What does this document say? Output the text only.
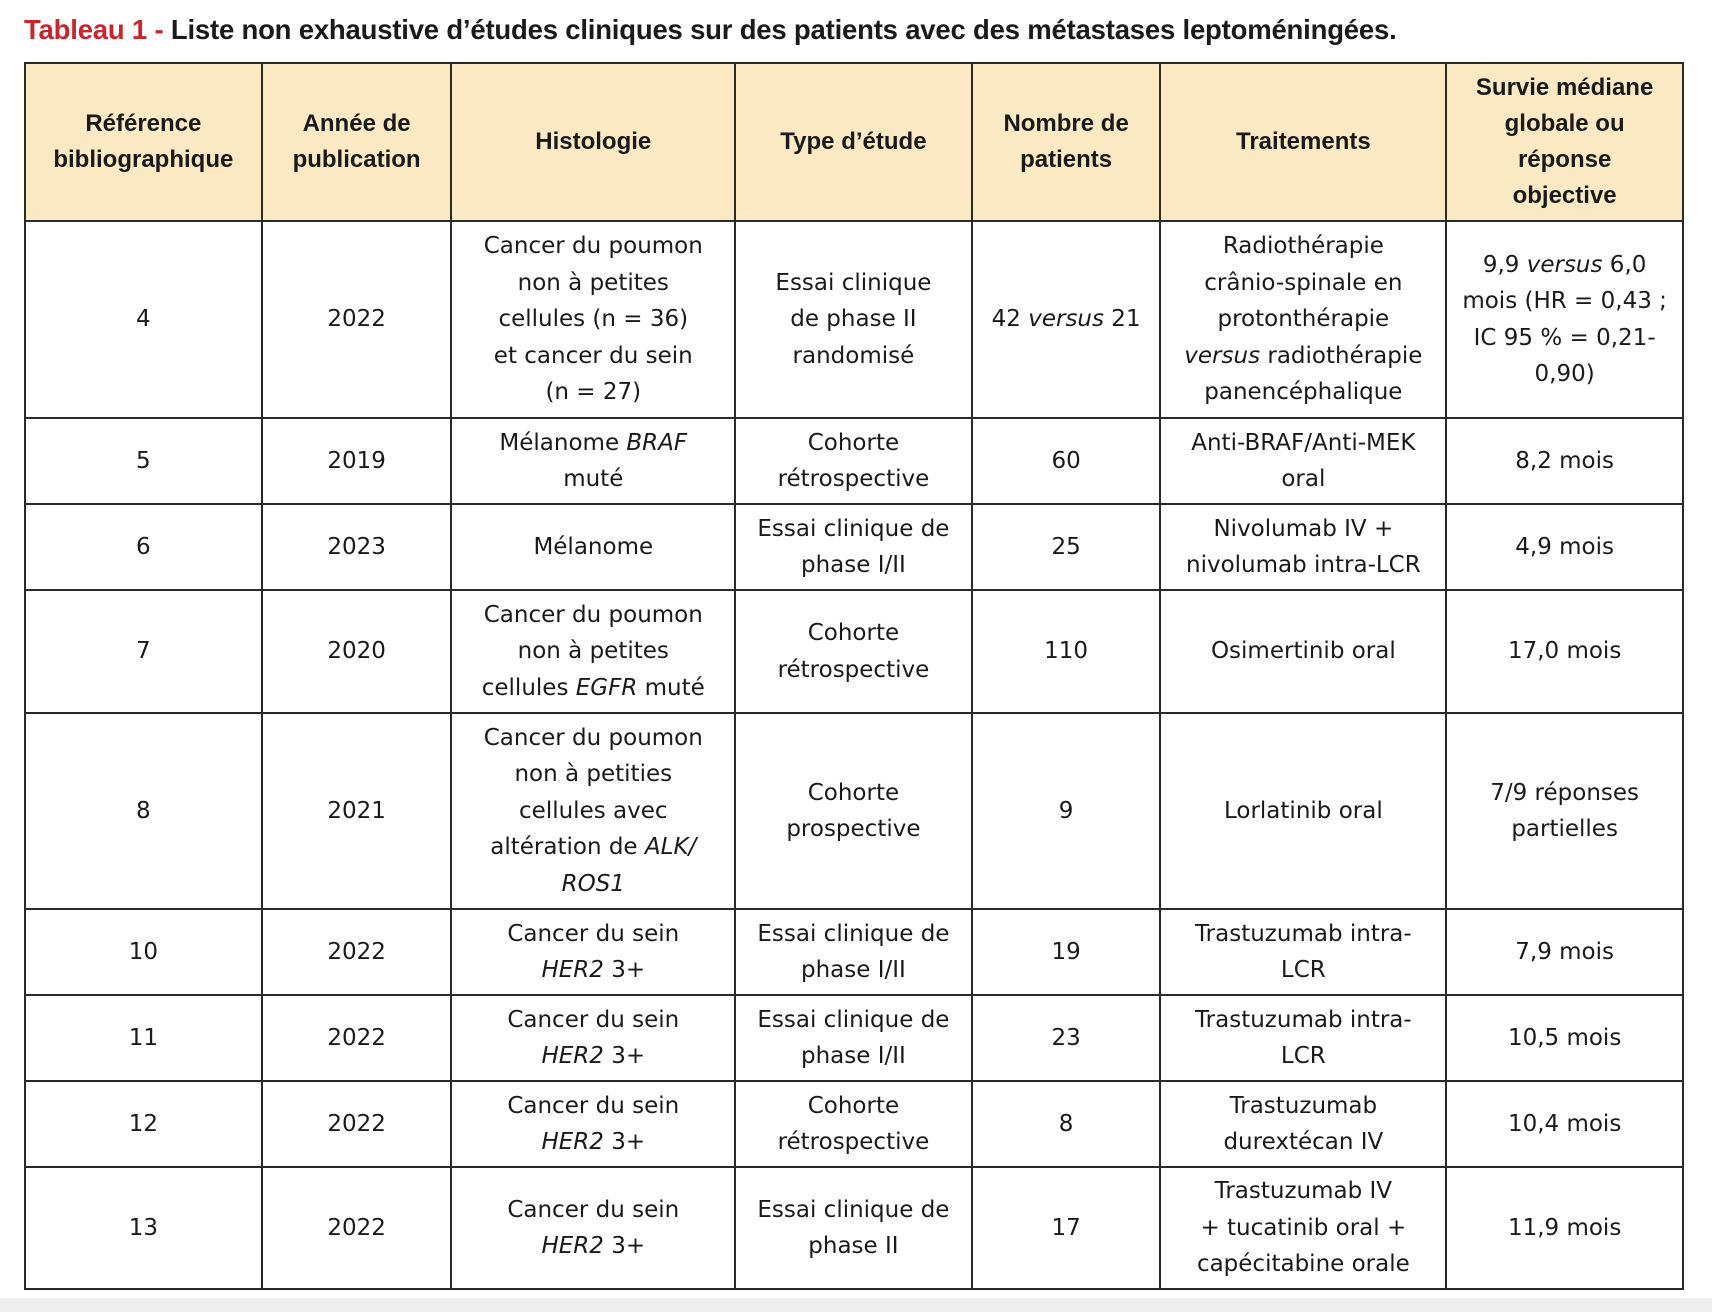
Tableau 1 - Liste non exhaustive d’études cliniques sur des patients avec des métastases leptoméningées.
Référence
bibliographique	Année de
publication	Histologie	Type d’étude	Nombre de
patients	Traitements	Survie médiane
globale ou
réponse
objective

4	2022	Cancer du poumon
non à petites
cellules (n = 36)
et cancer du sein
(n = 27)	Essai clinique
de phase II
randomisé	42 versus 21	Radiothérapie
crânio-spinale en
protonthérapie
versus radiothérapie
panencéphalique	9,9 versus 6,0
mois (HR = 0,43 ;
IC 95 % = 0,21-
0,90)

5	2019	Mélanome BRAF
muté	Cohorte
rétrospective	60	Anti-BRAF/Anti-MEK
oral	8,2 mois

6	2023	Mélanome	Essai clinique de
phase I/II	25	Nivolumab IV +
nivolumab intra-LCR	4,9 mois

7	2020	Cancer du poumon
non à petites
cellules EGFR muté	Cohorte
rétrospective	110	Osimertinib oral	17,0 mois

8	2021	Cancer du poumon
non à petities
cellules avec
altération de ALK/
ROS1	Cohorte
prospective	9	Lorlatinib oral	7/9 réponses
partielles

10	2022	Cancer du sein
HER2 3+	Essai clinique de
phase I/II	19	Trastuzumab intra-
LCR	7,9 mois

11	2022	Cancer du sein
HER2 3+	Essai clinique de
phase I/II	23	Trastuzumab intra-
LCR	10,5 mois

12	2022	Cancer du sein
HER2 3+	Cohorte
rétrospective	8	Trastuzumab
durextécan IV	10,4 mois

13	2022	Cancer du sein
HER2 3+	Essai clinique de
phase II	17	Trastuzumab IV
+ tucatinib oral +
capécitabine orale	11,9 mois
